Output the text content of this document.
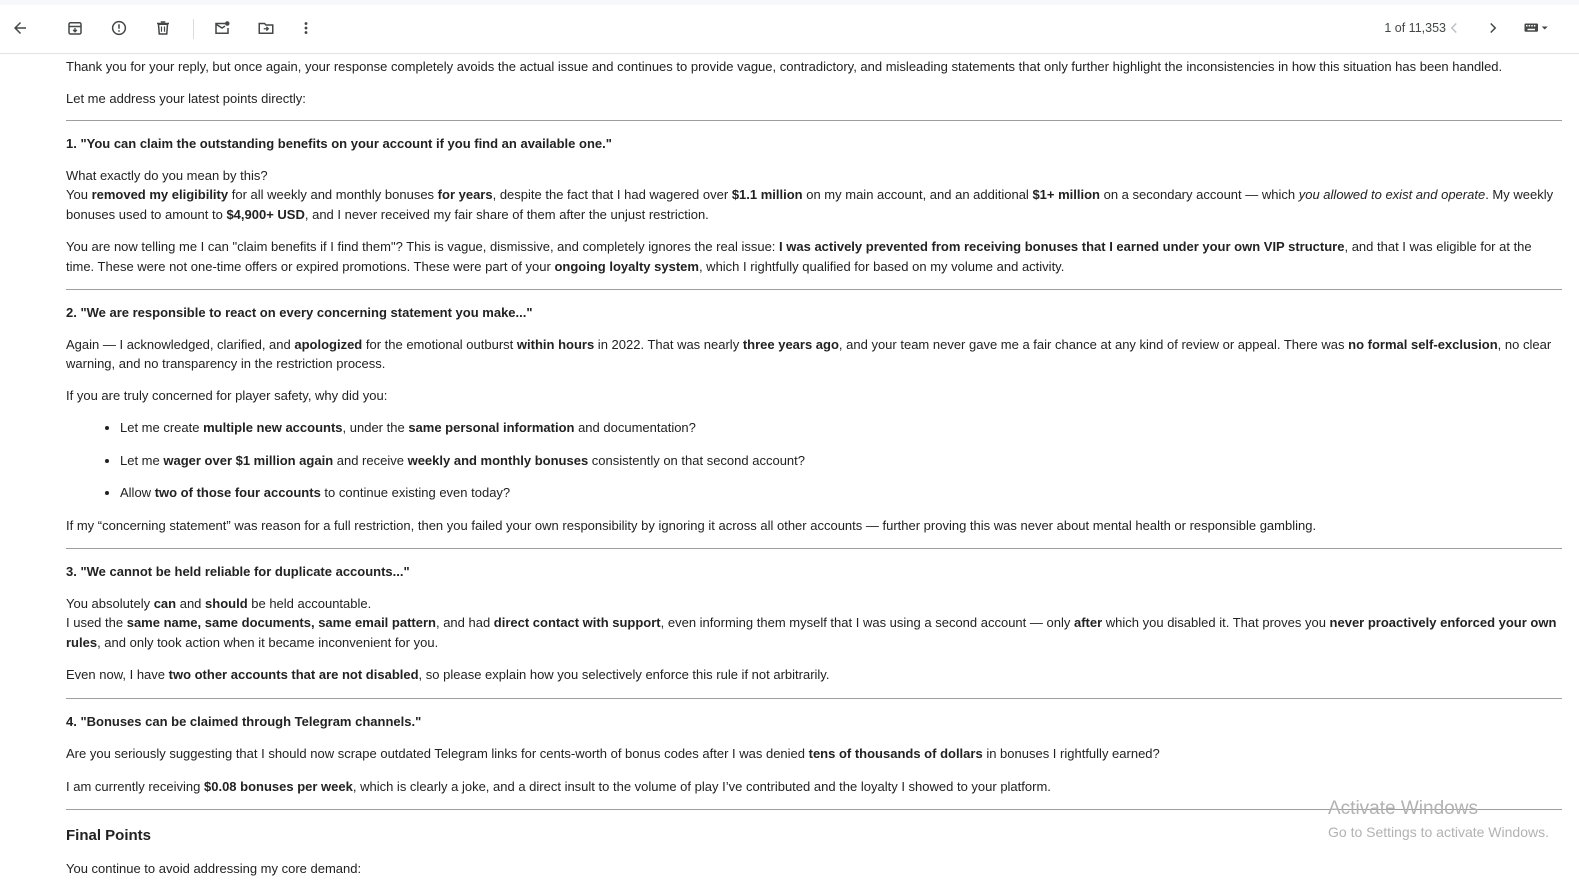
1 of 11,353

Thank you for your reply, but once again, your response completely avoids the actual issue and continues to provide vague, contradictory, and misleading statements that only further highlight the inconsistencies in how this situation has been handled.

Let me address your latest points directly:

1. "You can claim the outstanding benefits on your account if you find an available one."

What exactly do you mean by this?

You removed my eligibility for all weekly and monthly bonuses for years, despite the fact that I had wagered over $1.1 million on my main account, and an additional $1+ million on a secondary account — which you allowed to exist and operate. My weekly bonuses used to amount to $4,900+ USD, and I never received my fair share of them after the unjust restriction.

You are now telling me I can "claim benefits if I find them"? This is vague, dismissive, and completely ignores the real issue: I was actively prevented from receiving bonuses that I earned under your own VIP structure, and that I was eligible for at the time. These were not one-time offers or expired promotions. These were part of your ongoing loyalty system, which I rightfully qualified for based on my volume and activity.

2. "We are responsible to react on every concerning statement you make..."

Again — I acknowledged, clarified, and apologized for the emotional outburst within hours in 2022. That was nearly three years ago, and your team never gave me a fair chance at any kind of review or appeal. There was no formal self-exclusion, no clear warning, and no transparency in the restriction process.

If you are truly concerned for player safety, why did you:

• Let me create multiple new accounts, under the same personal information and documentation?
• Let me wager over $1 million again and receive weekly and monthly bonuses consistently on that second account?
• Allow two of those four accounts to continue existing even today?

If my “concerning statement” was reason for a full restriction, then you failed your own responsibility by ignoring it across all other accounts — further proving this was never about mental health or responsible gambling.

3. "We cannot be held reliable for duplicate accounts..."

You absolutely can and should be held accountable.

I used the same name, same documents, same email pattern, and had direct contact with support, even informing them myself that I was using a second account — only after which you disabled it. That proves you never proactively enforced your own rules, and only took action when it became inconvenient for you.

Even now, I have two other accounts that are not disabled, so please explain how you selectively enforce this rule if not arbitrarily.

4. "Bonuses can be claimed through Telegram channels."

Are you seriously suggesting that I should now scrape outdated Telegram links for cents-worth of bonus codes after I was denied tens of thousands of dollars in bonuses I rightfully earned?

I am currently receiving $0.08 bonuses per week, which is clearly a joke, and a direct insult to the volume of play I’ve contributed and the loyalty I showed to your platform.

Final Points

You continue to avoid addressing my core demand:

Activate Windows
Go to Settings to activate Windows.
